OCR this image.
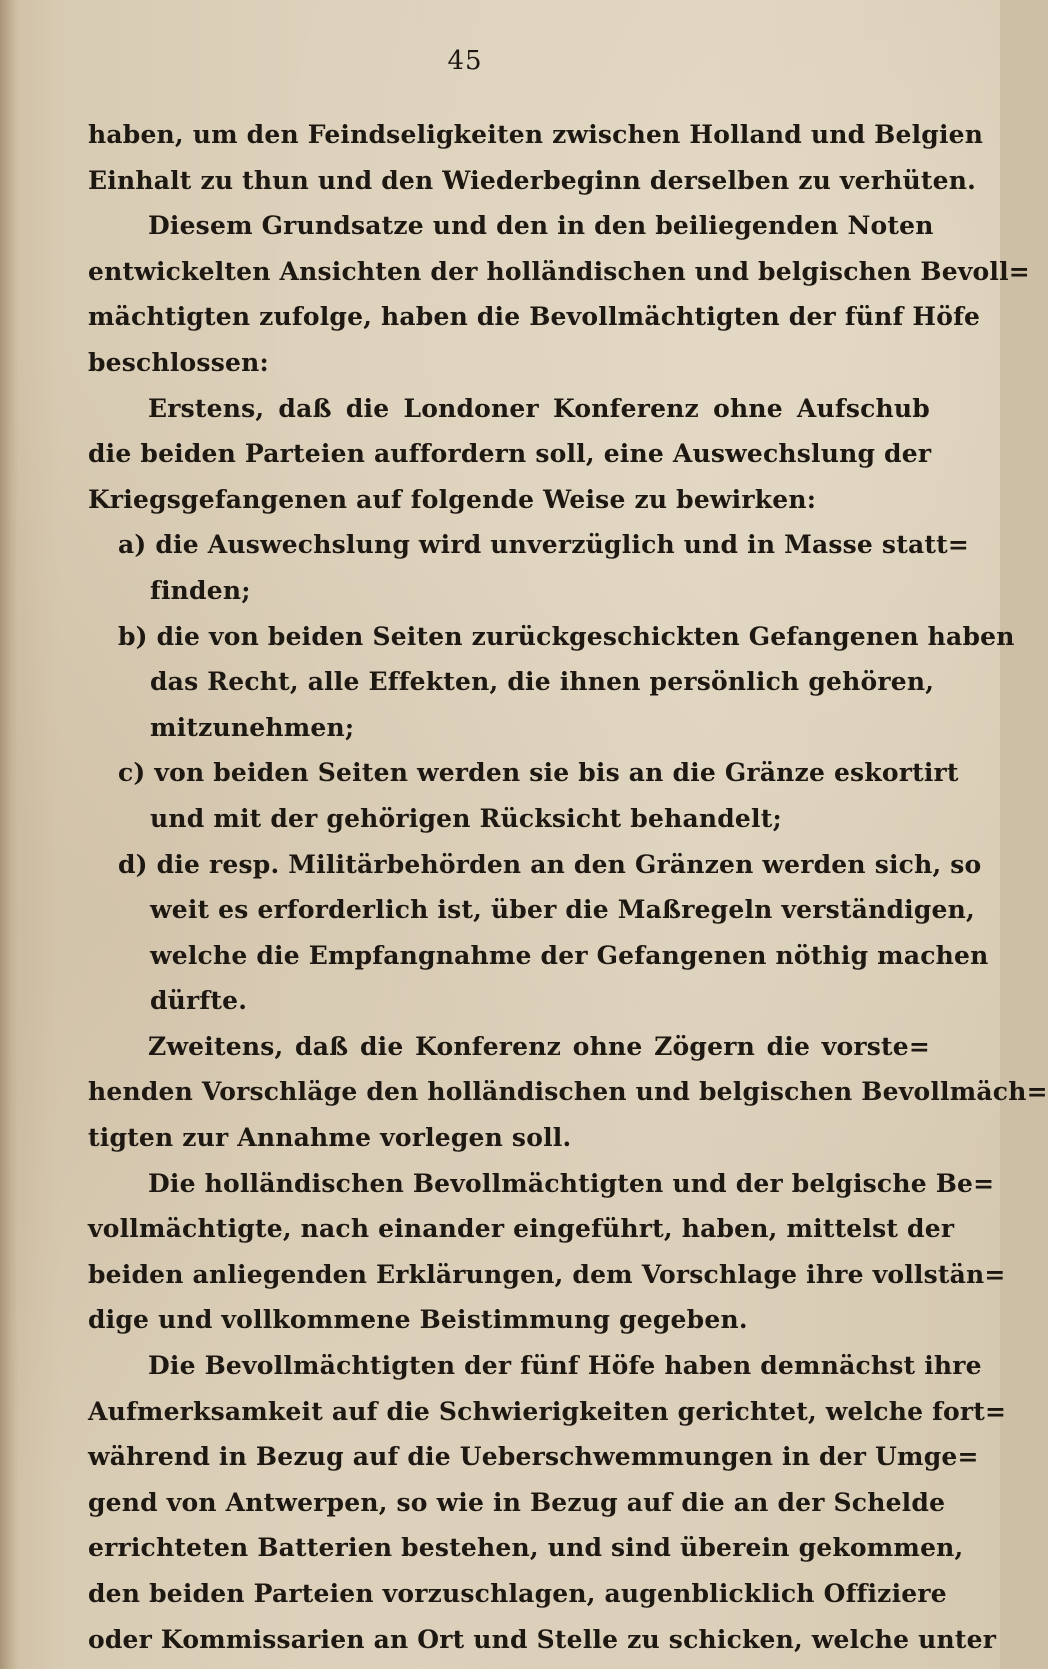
45
haben, um den Feindseligkeiten zwischen Holland und Belgien
Einhalt zu thun und den Wiederbeginn derselben zu verhüten.
Diesem Grundsatze und den in den beiliegenden Noten
entwickelten Ansichten der holländischen und belgischen Bevoll=
mächtigten zufolge, haben die Bevollmächtigten der fünf Höfe
beschlossen:
Erstens, daß die Londoner Konferenz ohne Aufschub
die beiden Parteien auffordern soll, eine Auswechslung der
Kriegsgefangenen auf folgende Weise zu bewirken:
a) die Auswechslung wird unverzüglich und in Masse statt=
finden;
b) die von beiden Seiten zurückgeschickten Gefangenen haben
das Recht, alle Effekten, die ihnen persönlich gehören,
mitzunehmen;
c) von beiden Seiten werden sie bis an die Gränze eskortirt
und mit der gehörigen Rücksicht behandelt;
d) die resp. Militärbehörden an den Gränzen werden sich, so
weit es erforderlich ist, über die Maßregeln verständigen,
welche die Empfangnahme der Gefangenen nöthig machen
dürfte.
Zweitens, daß die Konferenz ohne Zögern die vorste=
henden Vorschläge den holländischen und belgischen Bevollmäch=
tigten zur Annahme vorlegen soll.
Die holländischen Bevollmächtigten und der belgische Be=
vollmächtigte, nach einander eingeführt, haben, mittelst der
beiden anliegenden Erklärungen, dem Vorschlage ihre vollstän=
dige und vollkommene Beistimmung gegeben.
Die Bevollmächtigten der fünf Höfe haben demnächst ihre
Aufmerksamkeit auf die Schwierigkeiten gerichtet, welche fort=
während in Bezug auf die Ueberschwemmungen in der Umge=
gend von Antwerpen, so wie in Bezug auf die an der Schelde
errichteten Batterien bestehen, und sind überein gekommen,
den beiden Parteien vorzuschlagen, augenblicklich Offiziere
oder Kommissarien an Ort und Stelle zu schicken, welche unter
